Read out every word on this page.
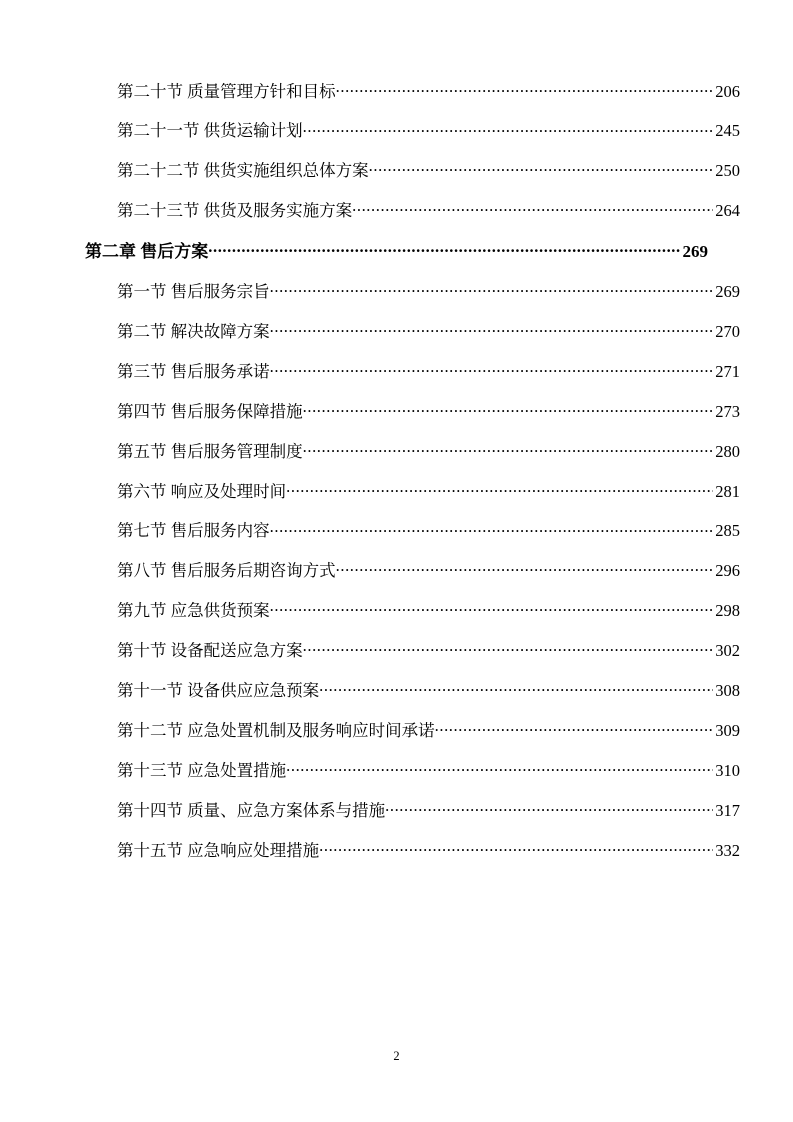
第二十节 质量管理方针和目标 .....	206
第二十一节 供货运输计划 .....	245
第二十二节 供货实施组织总体方案 .....	250
第二十三节 供货及服务实施方案 .....	264
第二章 售后方案 .....	269
第一节 售后服务宗旨 .....	269
第二节 解决故障方案 .....	270
第三节 售后服务承诺 .....	271
第四节 售后服务保障措施 .....	273
第五节 售后服务管理制度 .....	280
第六节 响应及处理时间 .....	281
第七节 售后服务内容 .....	285
第八节 售后服务后期咨询方式 .....	296
第九节 应急供货预案 .....	298
第十节 设备配送应急方案 .....	302
第十一节 设备供应应急预案 .....	308
第十二节 应急处置机制及服务响应时间承诺 .....	309
第十三节 应急处置措施 .....	310
第十四节 质量、应急方案体系与措施 .....	317
第十五节 应急响应处理措施 .....	332
2
